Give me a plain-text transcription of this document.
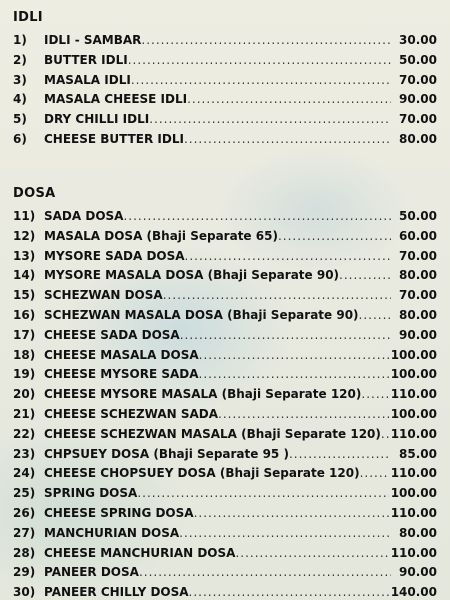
IDLI
1)	IDLI - SAMBAR .....	30.00
2)	BUTTER IDLI .....	50.00
3)	MASALA IDLI .....	70.00
4)	MASALA CHEESE IDLI .....	90.00
5)	DRY CHILLI IDLI .....	70.00
6)	CHEESE BUTTER IDLI .....	80.00
DOSA
11) SADA DOSA .....	50.00
12) MASALA DOSA (Bhaji Separate 65) .....	60.00
13) MYSORE SADA DOSA .....	70.00
14) MYSORE MASALA DOSA (Bhaji Separate 90) .....	80.00
15) SCHEZWAN DOSA .....	70.00
16) SCHEZWAN MASALA DOSA (Bhaji Separate 90) .....	80.00
17) CHEESE SADA DOSA .....	90.00
18) CHEESE MASALA DOSA .....	100.00
19) CHEESE MYSORE SADA .....	100.00
20) CHEESE MYSORE MASALA (Bhaji Separate 120) ..... 110.00
21) CHEESE SCHEZWAN SADA .....	100.00
22) CHEESE SCHEZWAN MASALA (Bhaji Separate 120) ..... 110.00
23) CHPSUEY DOSA (Bhaji Separate 95 ) .....	85.00
24) CHEESE CHOPSUEY DOSA (Bhaji Separate 120) .....	110.00
25) SPRING DOSA .....	100.00
26) CHEESE SPRING DOSA .....	110.00
27) MANCHURIAN DOSA .....	80.00
28) CHEESE MANCHURIAN DOSA .....	110.00
29) PANEER DOSA .....	90.00
30) PANEER CHILLY DOSA .....	140.00
